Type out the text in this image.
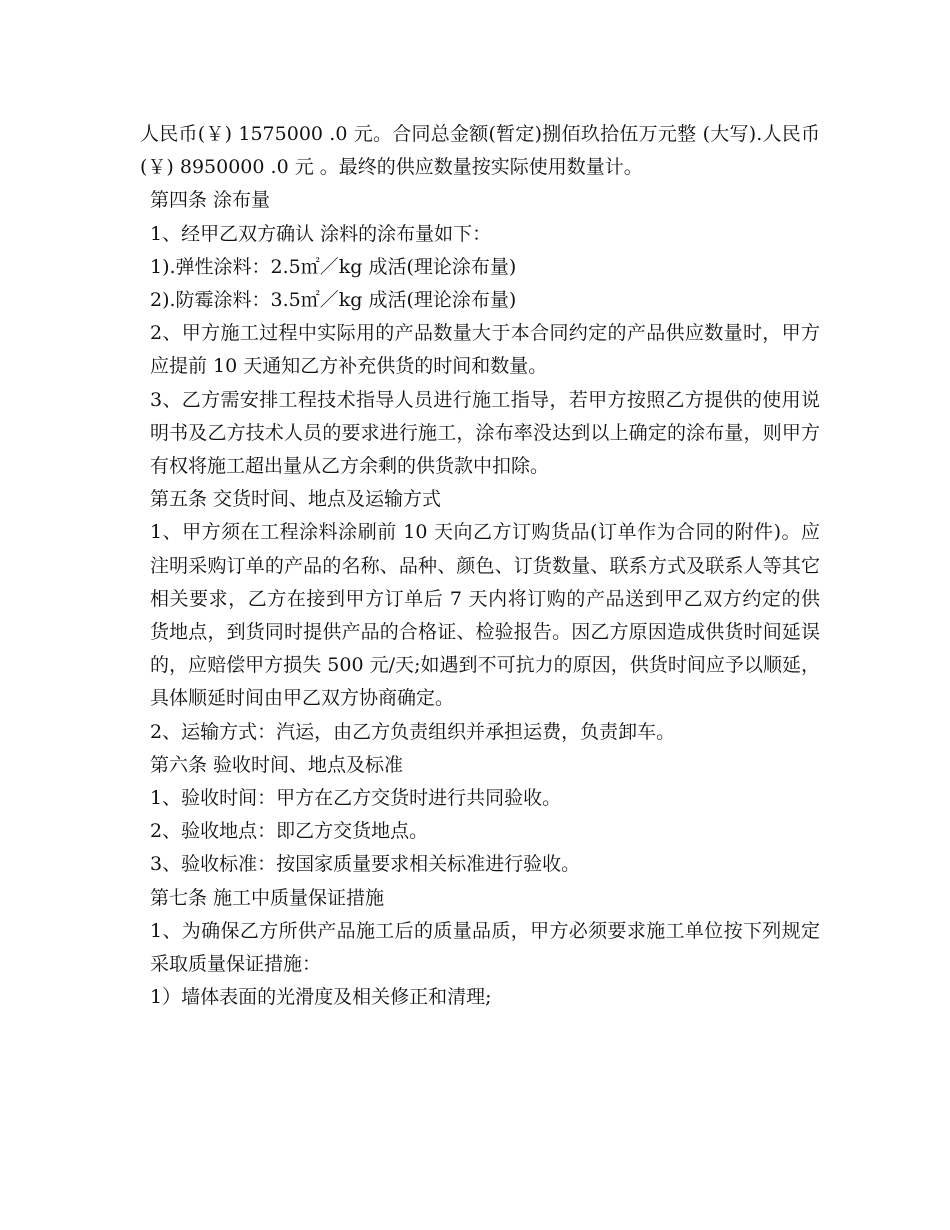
人民币(￥) 1575000 .0 元。合同总金额(暂定)捌佰玖拾伍万元整 (大写).人民币(￥) 8950000 .0 元 。最终的供应数量按实际使用数量计。

第四条 涂布量

1、经甲乙双方确认 涂料的涂布量如下：

1).弹性涂料：2.5㎡／kg 成活(理论涂布量)

2).防霉涂料：3.5㎡／kg 成活(理论涂布量)

2、甲方施工过程中实际用的产品数量大于本合同约定的产品供应数量时，甲方应提前 10 天通知乙方补充供货的时间和数量。

3、乙方需安排工程技术指导人员进行施工指导，若甲方按照乙方提供的使用说明书及乙方技术人员的要求进行施工，涂布率没达到以上确定的涂布量，则甲方有权将施工超出量从乙方余剩的供货款中扣除。

第五条 交货时间、地点及运输方式

1、甲方须在工程涂料涂刷前 10 天向乙方订购货品(订单作为合同的附件)。应注明采购订单的产品的名称、品种、颜色、订货数量、联系方式及联系人等其它相关要求，乙方在接到甲方订单后 7 天内将订购的产品送到甲乙双方约定的供货地点，到货同时提供产品的合格证、检验报告。因乙方原因造成供货时间延误的，应赔偿甲方损失 500 元/天;如遇到不可抗力的原因，供货时间应予以顺延，具体顺延时间由甲乙双方协商确定。

2、运输方式：汽运，由乙方负责组织并承担运费，负责卸车。

第六条 验收时间、地点及标准

1、验收时间：甲方在乙方交货时进行共同验收。

2、验收地点：即乙方交货地点。

3、验收标准：按国家质量要求相关标准进行验收。

第七条 施工中质量保证措施

1、为确保乙方所供产品施工后的质量品质，甲方必须要求施工单位按下列规定采取质量保证措施：

1）墙体表面的光滑度及相关修正和清理;
